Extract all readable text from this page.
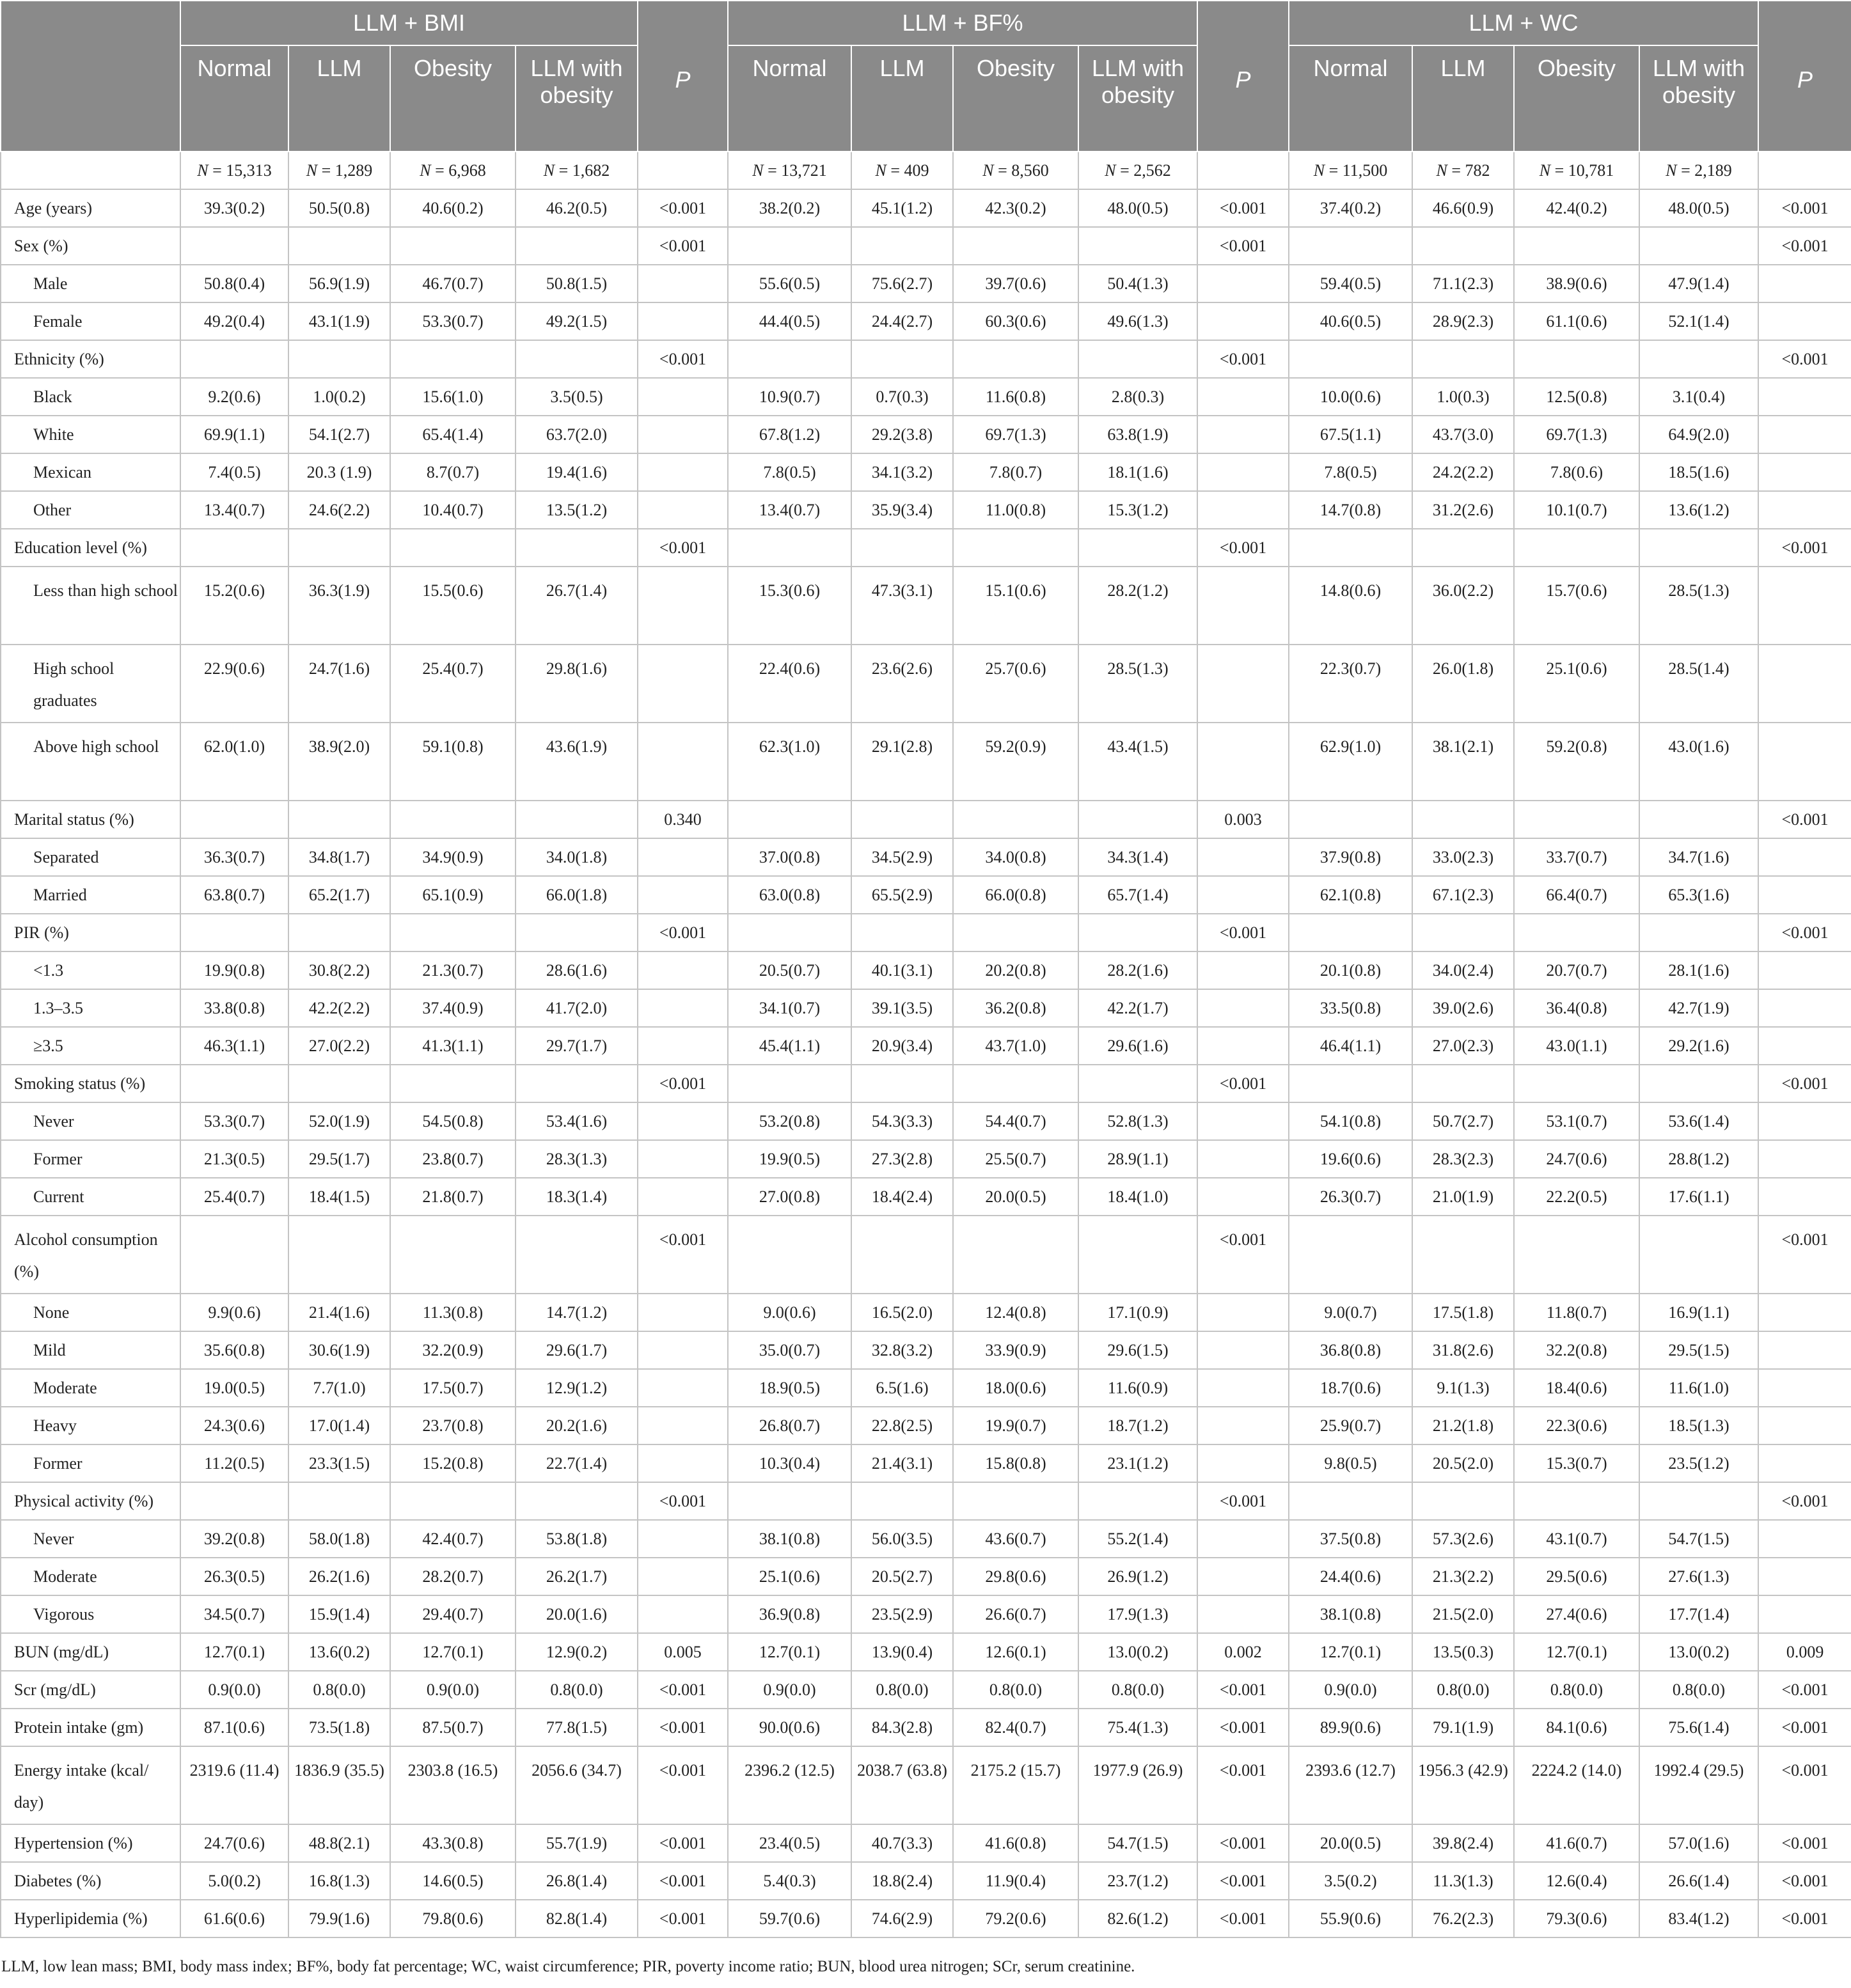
	LLM + BMI				P	LLM + BF%				P	LLM + WC				P
	Normal	LLM	Obesity	LLM with obesity		Normal	LLM	Obesity	LLM with obesity		Normal	LLM	Obesity	LLM with obesity	
	N = 15,313	N = 1,289	N = 6,968	N = 1,682		N = 13,721	N = 409	N = 8,560	N = 2,562		N = 11,500	N = 782	N = 10,781	N = 2,189	
Age (years)	39.3(0.2)	50.5(0.8)	40.6(0.2)	46.2(0.5)	<0.001	38.2(0.2)	45.1(1.2)	42.3(0.2)	48.0(0.5)	<0.001	37.4(0.2)	46.6(0.9)	42.4(0.2)	48.0(0.5)	<0.001
Sex (%)					<0.001					<0.001					<0.001
Male	50.8(0.4)	56.9(1.9)	46.7(0.7)	50.8(1.5)		55.6(0.5)	75.6(2.7)	39.7(0.6)	50.4(1.3)		59.4(0.5)	71.1(2.3)	38.9(0.6)	47.9(1.4)	
Female	49.2(0.4)	43.1(1.9)	53.3(0.7)	49.2(1.5)		44.4(0.5)	24.4(2.7)	60.3(0.6)	49.6(1.3)		40.6(0.5)	28.9(2.3)	61.1(0.6)	52.1(1.4)	
Ethnicity (%)					<0.001					<0.001					<0.001
Black	9.2(0.6)	1.0(0.2)	15.6(1.0)	3.5(0.5)		10.9(0.7)	0.7(0.3)	11.6(0.8)	2.8(0.3)		10.0(0.6)	1.0(0.3)	12.5(0.8)	3.1(0.4)	
White	69.9(1.1)	54.1(2.7)	65.4(1.4)	63.7(2.0)		67.8(1.2)	29.2(3.8)	69.7(1.3)	63.8(1.9)		67.5(1.1)	43.7(3.0)	69.7(1.3)	64.9(2.0)	
Mexican	7.4(0.5)	20.3 (1.9)	8.7(0.7)	19.4(1.6)		7.8(0.5)	34.1(3.2)	7.8(0.7)	18.1(1.6)		7.8(0.5)	24.2(2.2)	7.8(0.6)	18.5(1.6)	
Other	13.4(0.7)	24.6(2.2)	10.4(0.7)	13.5(1.2)		13.4(0.7)	35.9(3.4)	11.0(0.8)	15.3(1.2)		14.7(0.8)	31.2(2.6)	10.1(0.7)	13.6(1.2)	
Education level (%)					<0.001					<0.001					<0.001
Less than high school	15.2(0.6)	36.3(1.9)	15.5(0.6)	26.7(1.4)		15.3(0.6)	47.3(3.1)	15.1(0.6)	28.2(1.2)		14.8(0.6)	36.0(2.2)	15.7(0.6)	28.5(1.3)	
High school graduates	22.9(0.6)	24.7(1.6)	25.4(0.7)	29.8(1.6)		22.4(0.6)	23.6(2.6)	25.7(0.6)	28.5(1.3)		22.3(0.7)	26.0(1.8)	25.1(0.6)	28.5(1.4)	
Above high school	62.0(1.0)	38.9(2.0)	59.1(0.8)	43.6(1.9)		62.3(1.0)	29.1(2.8)	59.2(0.9)	43.4(1.5)		62.9(1.0)	38.1(2.1)	59.2(0.8)	43.0(1.6)	
Marital status (%)					0.340					0.003					<0.001
Separated	36.3(0.7)	34.8(1.7)	34.9(0.9)	34.0(1.8)		37.0(0.8)	34.5(2.9)	34.0(0.8)	34.3(1.4)		37.9(0.8)	33.0(2.3)	33.7(0.7)	34.7(1.6)	
Married	63.8(0.7)	65.2(1.7)	65.1(0.9)	66.0(1.8)		63.0(0.8)	65.5(2.9)	66.0(0.8)	65.7(1.4)		62.1(0.8)	67.1(2.3)	66.4(0.7)	65.3(1.6)	
PIR (%)					<0.001					<0.001					<0.001
<1.3	19.9(0.8)	30.8(2.2)	21.3(0.7)	28.6(1.6)		20.5(0.7)	40.1(3.1)	20.2(0.8)	28.2(1.6)		20.1(0.8)	34.0(2.4)	20.7(0.7)	28.1(1.6)	
1.3–3.5	33.8(0.8)	42.2(2.2)	37.4(0.9)	41.7(2.0)		34.1(0.7)	39.1(3.5)	36.2(0.8)	42.2(1.7)		33.5(0.8)	39.0(2.6)	36.4(0.8)	42.7(1.9)	
≥3.5	46.3(1.1)	27.0(2.2)	41.3(1.1)	29.7(1.7)		45.4(1.1)	20.9(3.4)	43.7(1.0)	29.6(1.6)		46.4(1.1)	27.0(2.3)	43.0(1.1)	29.2(1.6)	
Smoking status (%)					<0.001					<0.001					<0.001
Never	53.3(0.7)	52.0(1.9)	54.5(0.8)	53.4(1.6)		53.2(0.8)	54.3(3.3)	54.4(0.7)	52.8(1.3)		54.1(0.8)	50.7(2.7)	53.1(0.7)	53.6(1.4)	
Former	21.3(0.5)	29.5(1.7)	23.8(0.7)	28.3(1.3)		19.9(0.5)	27.3(2.8)	25.5(0.7)	28.9(1.1)		19.6(0.6)	28.3(2.3)	24.7(0.6)	28.8(1.2)	
Current	25.4(0.7)	18.4(1.5)	21.8(0.7)	18.3(1.4)		27.0(0.8)	18.4(2.4)	20.0(0.5)	18.4(1.0)		26.3(0.7)	21.0(1.9)	22.2(0.5)	17.6(1.1)	
Alcohol consumption (%)					<0.001					<0.001					<0.001
None	9.9(0.6)	21.4(1.6)	11.3(0.8)	14.7(1.2)		9.0(0.6)	16.5(2.0)	12.4(0.8)	17.1(0.9)		9.0(0.7)	17.5(1.8)	11.8(0.7)	16.9(1.1)	
Mild	35.6(0.8)	30.6(1.9)	32.2(0.9)	29.6(1.7)		35.0(0.7)	32.8(3.2)	33.9(0.9)	29.6(1.5)		36.8(0.8)	31.8(2.6)	32.2(0.8)	29.5(1.5)	
Moderate	19.0(0.5)	7.7(1.0)	17.5(0.7)	12.9(1.2)		18.9(0.5)	6.5(1.6)	18.0(0.6)	11.6(0.9)		18.7(0.6)	9.1(1.3)	18.4(0.6)	11.6(1.0)	
Heavy	24.3(0.6)	17.0(1.4)	23.7(0.8)	20.2(1.6)		26.8(0.7)	22.8(2.5)	19.9(0.7)	18.7(1.2)		25.9(0.7)	21.2(1.8)	22.3(0.6)	18.5(1.3)	
Former	11.2(0.5)	23.3(1.5)	15.2(0.8)	22.7(1.4)		10.3(0.4)	21.4(3.1)	15.8(0.8)	23.1(1.2)		9.8(0.5)	20.5(2.0)	15.3(0.7)	23.5(1.2)	
Physical activity (%)					<0.001					<0.001					<0.001
Never	39.2(0.8)	58.0(1.8)	42.4(0.7)	53.8(1.8)		38.1(0.8)	56.0(3.5)	43.6(0.7)	55.2(1.4)		37.5(0.8)	57.3(2.6)	43.1(0.7)	54.7(1.5)	
Moderate	26.3(0.5)	26.2(1.6)	28.2(0.7)	26.2(1.7)		25.1(0.6)	20.5(2.7)	29.8(0.6)	26.9(1.2)		24.4(0.6)	21.3(2.2)	29.5(0.6)	27.6(1.3)	
Vigorous	34.5(0.7)	15.9(1.4)	29.4(0.7)	20.0(1.6)		36.9(0.8)	23.5(2.9)	26.6(0.7)	17.9(1.3)		38.1(0.8)	21.5(2.0)	27.4(0.6)	17.7(1.4)	
BUN (mg/dL)	12.7(0.1)	13.6(0.2)	12.7(0.1)	12.9(0.2)	0.005	12.7(0.1)	13.9(0.4)	12.6(0.1)	13.0(0.2)	0.002	12.7(0.1)	13.5(0.3)	12.7(0.1)	13.0(0.2)	0.009
Scr (mg/dL)	0.9(0.0)	0.8(0.0)	0.9(0.0)	0.8(0.0)	<0.001	0.9(0.0)	0.8(0.0)	0.8(0.0)	0.8(0.0)	<0.001	0.9(0.0)	0.8(0.0)	0.8(0.0)	0.8(0.0)	<0.001
Protein intake (gm)	87.1(0.6)	73.5(1.8)	87.5(0.7)	77.8(1.5)	<0.001	90.0(0.6)	84.3(2.8)	82.4(0.7)	75.4(1.3)	<0.001	89.9(0.6)	79.1(1.9)	84.1(0.6)	75.6(1.4)	<0.001
Energy intake (kcal/ day)	2319.6 (11.4)	1836.9 (35.5)	2303.8 (16.5)	2056.6 (34.7)	<0.001	2396.2 (12.5)	2038.7 (63.8)	2175.2 (15.7)	1977.9 (26.9)	<0.001	2393.6 (12.7)	1956.3 (42.9)	2224.2 (14.0)	1992.4 (29.5)	<0.001
Hypertension (%)	24.7(0.6)	48.8(2.1)	43.3(0.8)	55.7(1.9)	<0.001	23.4(0.5)	40.7(3.3)	41.6(0.8)	54.7(1.5)	<0.001	20.0(0.5)	39.8(2.4)	41.6(0.7)	57.0(1.6)	<0.001
Diabetes (%)	5.0(0.2)	16.8(1.3)	14.6(0.5)	26.8(1.4)	<0.001	5.4(0.3)	18.8(2.4)	11.9(0.4)	23.7(1.2)	<0.001	3.5(0.2)	11.3(1.3)	12.6(0.4)	26.6(1.4)	<0.001
Hyperlipidemia (%)	61.6(0.6)	79.9(1.6)	79.8(0.6)	82.8(1.4)	<0.001	59.7(0.6)	74.6(2.9)	79.2(0.6)	82.6(1.2)	<0.001	55.9(0.6)	76.2(2.3)	79.3(0.6)	83.4(1.2)	<0.001
LLM, low lean mass; BMI, body mass index; BF%, body fat percentage; WC, waist circumference; PIR, poverty income ratio; BUN, blood urea nitrogen; SCr, serum creatinine.
